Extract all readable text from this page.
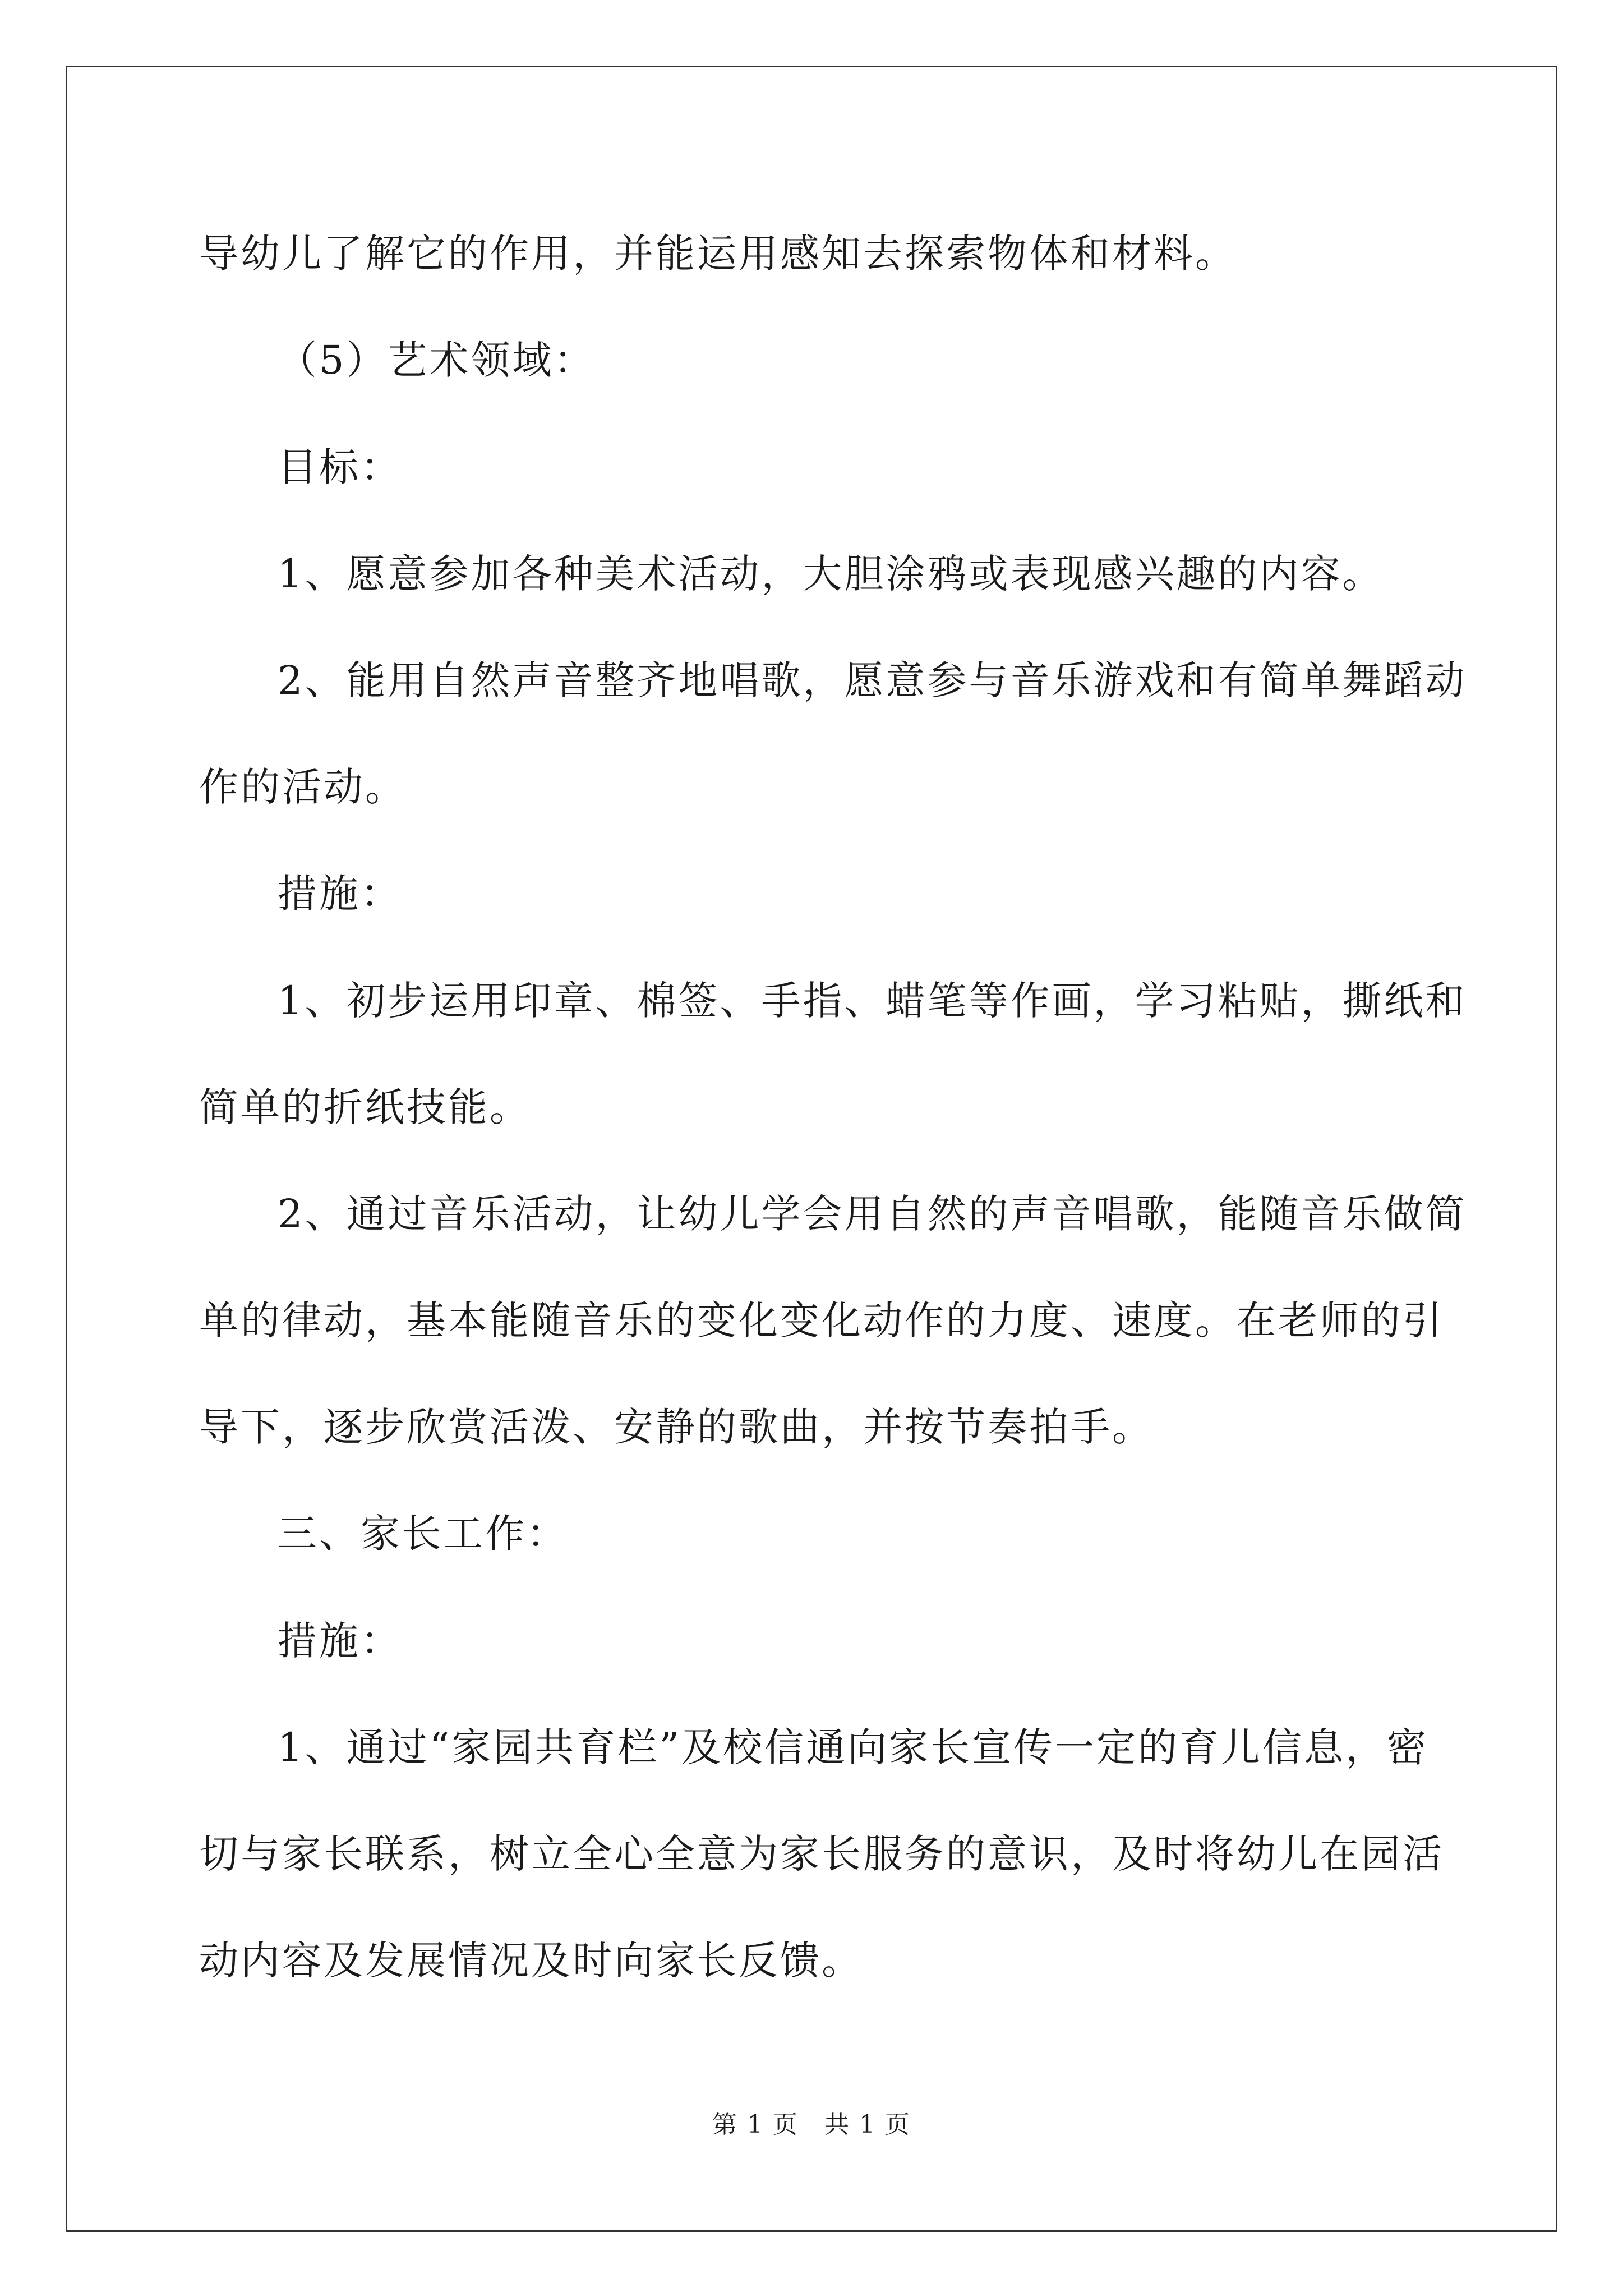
导幼儿了解它的作用，并能运用感知去探索物体和材料。
（5）艺术领域：
目标：
1、愿意参加各种美术活动，大胆涂鸦或表现感兴趣的内容。
2、能用自然声音整齐地唱歌，愿意参与音乐游戏和有简单舞蹈动
作的活动。
措施：
1、初步运用印章、棉签、手指、蜡笔等作画，学习粘贴，撕纸和
简单的折纸技能。
2、通过音乐活动，让幼儿学会用自然的声音唱歌，能随音乐做简
单的律动，基本能随音乐的变化变化动作的力度、速度。在老师的引
导下，逐步欣赏活泼、安静的歌曲，并按节奏拍手。
三、家长工作：
措施：
1、通过“家园共育栏”及校信通向家长宣传一定的育儿信息，密
切与家长联系，树立全心全意为家长服务的意识，及时将幼儿在园活
动内容及发展情况及时向家长反馈。
第 1 页　共 1 页
